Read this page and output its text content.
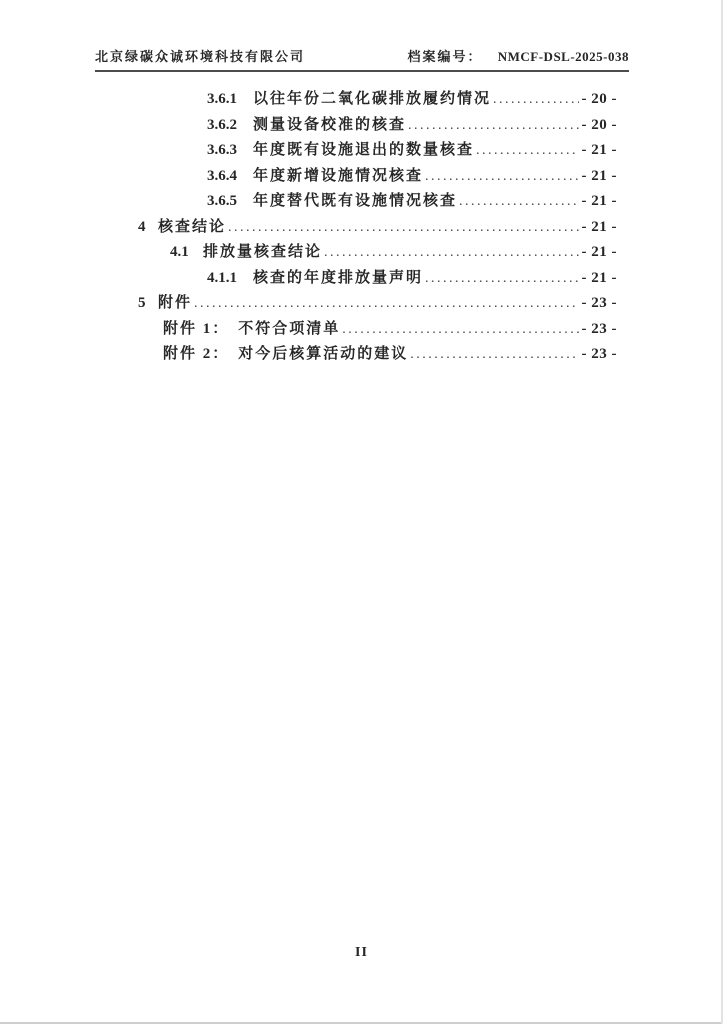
北京绿碳众诚环境科技有限公司	档案编号： NMCF-DSL-2025-038
3.6.1	以往年份二氧化碳排放履约情况 .....	- 20 -
3.6.2	测量设备校准的核查 .....	- 20 -
3.6.3	年度既有设施退出的数量核查 .....	- 21 -
3.6.4	年度新增设施情况核查 .....	- 21 -
3.6.5	年度替代既有设施情况核查 .....	- 21 -
4 核查结论 .....	- 21 -
4.1 排放量核查结论 .....	- 21 -
4.1.1	核查的年度排放量声明 .....	- 21 -
5 附件 .....	- 23 -
附件 1： 不符合项清单 .....	- 23 -
附件 2： 对今后核算活动的建议 .....	- 23 -
II
